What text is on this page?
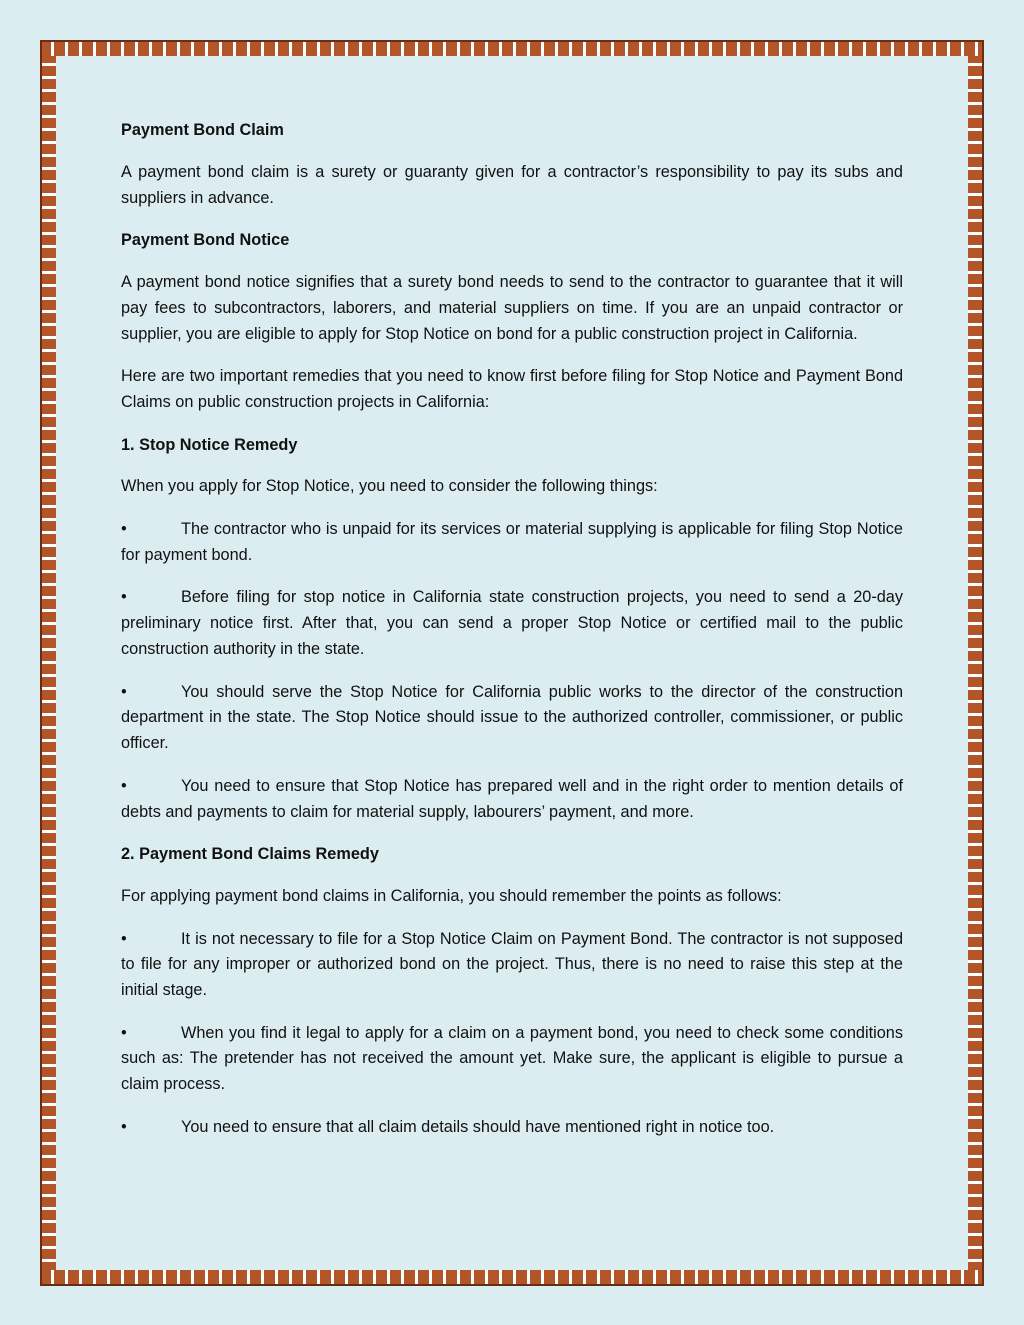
Payment Bond Claim

A payment bond claim is a surety or guaranty given for a contractor’s responsibility to pay its subs and suppliers in advance.

Payment Bond Notice

A payment bond notice signifies that a surety bond needs to send to the contractor to guarantee that it will pay fees to subcontractors, laborers, and material suppliers on time. If you are an unpaid contractor or supplier, you are eligible to apply for Stop Notice on bond for a public construction project in California.

Here are two important remedies that you need to know first before filing for Stop Notice and Payment Bond Claims on public construction projects in California:

1. Stop Notice Remedy

When you apply for Stop Notice, you need to consider the following things:

•	The contractor who is unpaid for its services or material supplying is applicable for filing Stop Notice for payment bond.

•	Before filing for stop notice in California state construction projects, you need to send a 20-day preliminary notice first. After that, you can send a proper Stop Notice or certified mail to the public construction authority in the state.

•	You should serve the Stop Notice for California public works to the director of the construction department in the state. The Stop Notice should issue to the authorized controller, commissioner, or public officer.

•	You need to ensure that Stop Notice has prepared well and in the right order to mention details of debts and payments to claim for material supply, labourers’ payment, and more.

2. Payment Bond Claims Remedy

For applying payment bond claims in California, you should remember the points as follows:

•	It is not necessary to file for a Stop Notice Claim on Payment Bond. The contractor is not supposed to file for any improper or authorized bond on the project. Thus, there is no need to raise this step at the initial stage.

•	When you find it legal to apply for a claim on a payment bond, you need to check some conditions such as: The pretender has not received the amount yet. Make sure, the applicant is eligible to pursue a claim process.

•	You need to ensure that all claim details should have mentioned right in notice too.
